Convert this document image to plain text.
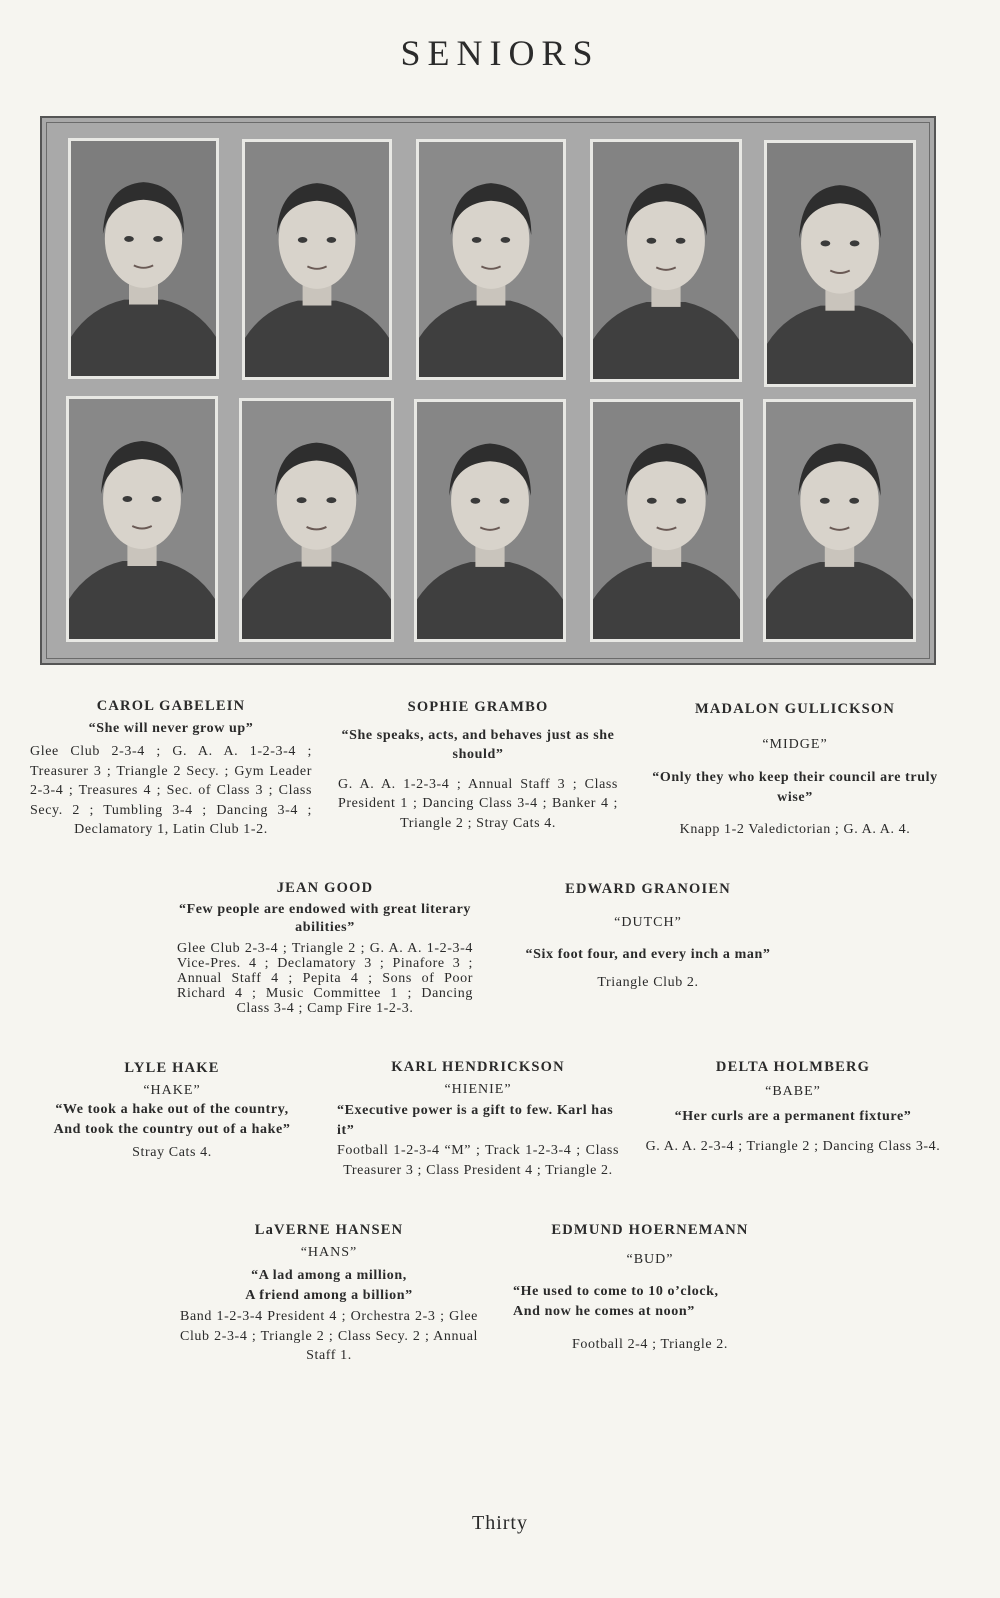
SENIORS
CAROL GABELEIN
“She will never grow up”
Glee Club 2-3-4 ; G. A. A. 1-2-3-4 ; Treasurer 3 ; Triangle 2 Secy. ; Gym Leader 2-3-4 ; Treasures 4 ; Sec. of Class 3 ; Class Secy. 2 ; Tumbling 3-4 ; Dancing 3-4 ; Declamatory 1, Latin Club 1-2.
SOPHIE GRAMBO
“She speaks, acts, and behaves just as she should”
G. A. A. 1-2-3-4 ; Annual Staff 3 ; Class President 1 ; Dancing Class 3-4 ; Banker 4 ; Triangle 2 ; Stray Cats 4.
MADALON GULLICKSON
“MIDGE”
“Only they who keep their council are truly wise”
Knapp 1-2 Valedictorian ; G. A. A. 4.
JEAN GOOD
“Few people are endowed with great literary abilities”
Glee Club 2-3-4 ; Triangle 2 ; G. A. A. 1-2-3-4 Vice-Pres. 4 ; Declamatory 3 ; Pinafore 3 ; Annual Staff 4 ; Pepita 4 ; Sons of Poor Richard 4 ; Music Committee 1 ; Dancing Class 3-4 ; Camp Fire 1-2-3.
EDWARD GRANOIEN
“DUTCH”
“Six foot four, and every inch a man”
Triangle Club 2.
LYLE HAKE
“HAKE”
“We took a hake out of the country,
And took the country out of a hake”
Stray Cats 4.
KARL HENDRICKSON
“HIENIE”
“Executive power is a gift to few. Karl has it”
Football 1-2-3-4 “M” ; Track 1-2-3-4 ; Class Treasurer 3 ; Class President 4 ; Triangle 2.
DELTA HOLMBERG
“BABE”
“Her curls are a permanent fixture”
G. A. A. 2-3-4 ; Triangle 2 ; Dancing Class 3-4.
LaVERNE HANSEN
“HANS”
“A lad among a million,
A friend among a billion”
Band 1-2-3-4 President 4 ; Orchestra 2-3 ; Glee Club 2-3-4 ; Triangle 2 ; Class Secy. 2 ; Annual Staff 1.
EDMUND HOERNEMANN
“BUD”
“He used to come to 10 o’clock,
And now he comes at noon”
Football 2-4 ; Triangle 2.
Thirty
